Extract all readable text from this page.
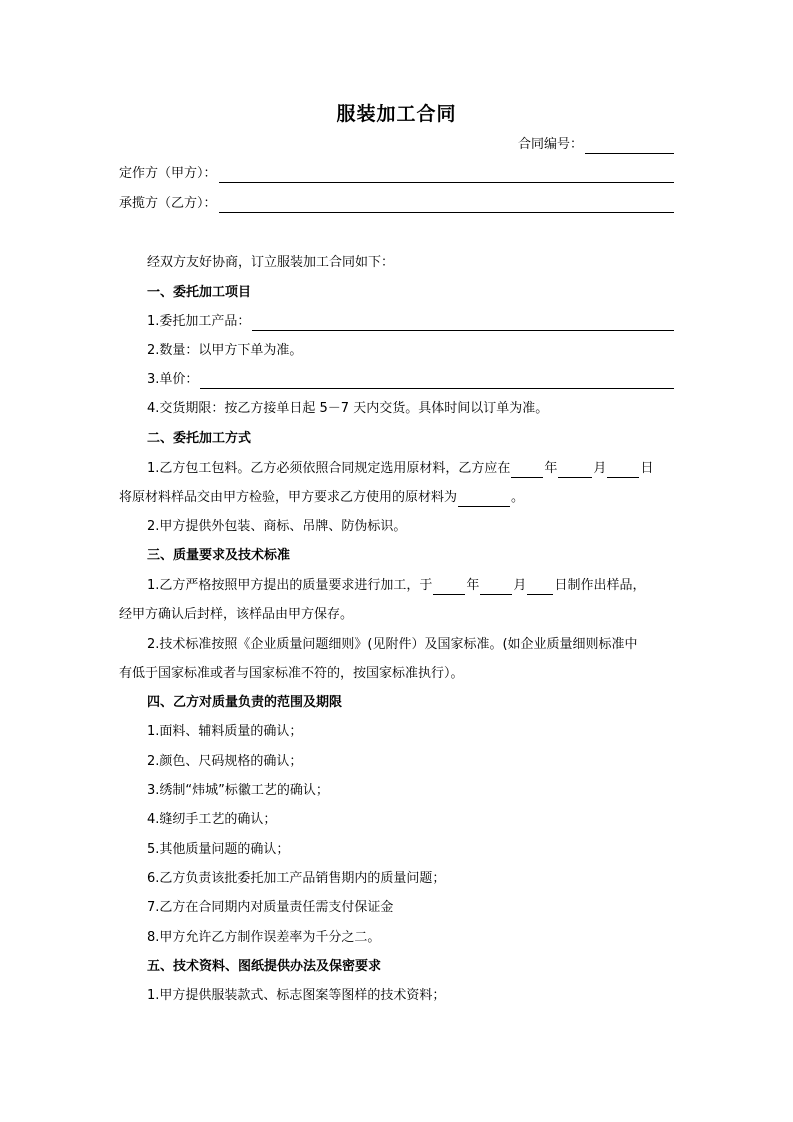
服装加工合同
合同编号：
定作方（甲方）：
承揽方（乙方）：
经双方友好协商，订立服装加工合同如下：
一、委托加工项目
1.委托加工产品：
2.数量：以甲方下单为准。
3.单价：
4.交货期限：按乙方接单日起 5－7 天内交货。具体时间以订单为准。
二、委托加工方式
1.乙方包工包料。乙方必须依照合同规定选用原材料，乙方应在	年	月	日
将原材料样品交由甲方检验，甲方要求乙方使用的原材料为	。
2.甲方提供外包装、商标、吊牌、防伪标识。
三、质量要求及技术标准
1.乙方严格按照甲方提出的质量要求进行加工，于	年	月 日制作出样品，
经甲方确认后封样，该样品由甲方保存。
2.技术标准按照《企业质量问题细则》(见附件）及国家标准。(如企业质量细则标准中
有低于国家标准或者与国家标准不符的，按国家标准执行）。
四、乙方对质量负责的范围及期限
1.面料、辅料质量的确认；
2.颜色、尺码规格的确认；
3.绣制“炜城”标徽工艺的确认；
4.缝纫手工艺的确认；
5.其他质量问题的确认；
6.乙方负责该批委托加工产品销售期内的质量问题；
7.乙方在合同期内对质量责任需支付保证金
8.甲方允许乙方制作误差率为千分之二。
五、技术资料、图纸提供办法及保密要求
1.甲方提供服装款式、标志图案等图样的技术资料；
